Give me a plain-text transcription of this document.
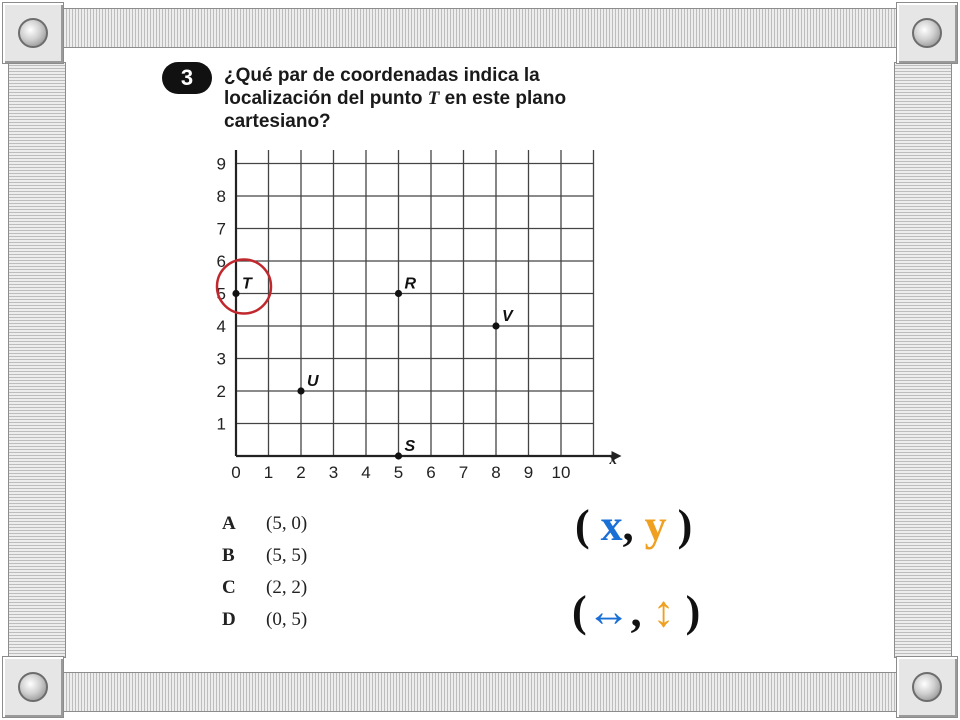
3	¿Qué par de coordenadas indica la
localización del punto T en este plano
cartesiano?
x
0 1 2 3 4 5 6 7 8 9 10
1
2
3
4
5
6
7
8
9
T	R
V
U
S
A	(5, 0)
B	(5, 5)
C	(2, 2)
D	(0, 5)
( x, y )
(↔, ↕ )
